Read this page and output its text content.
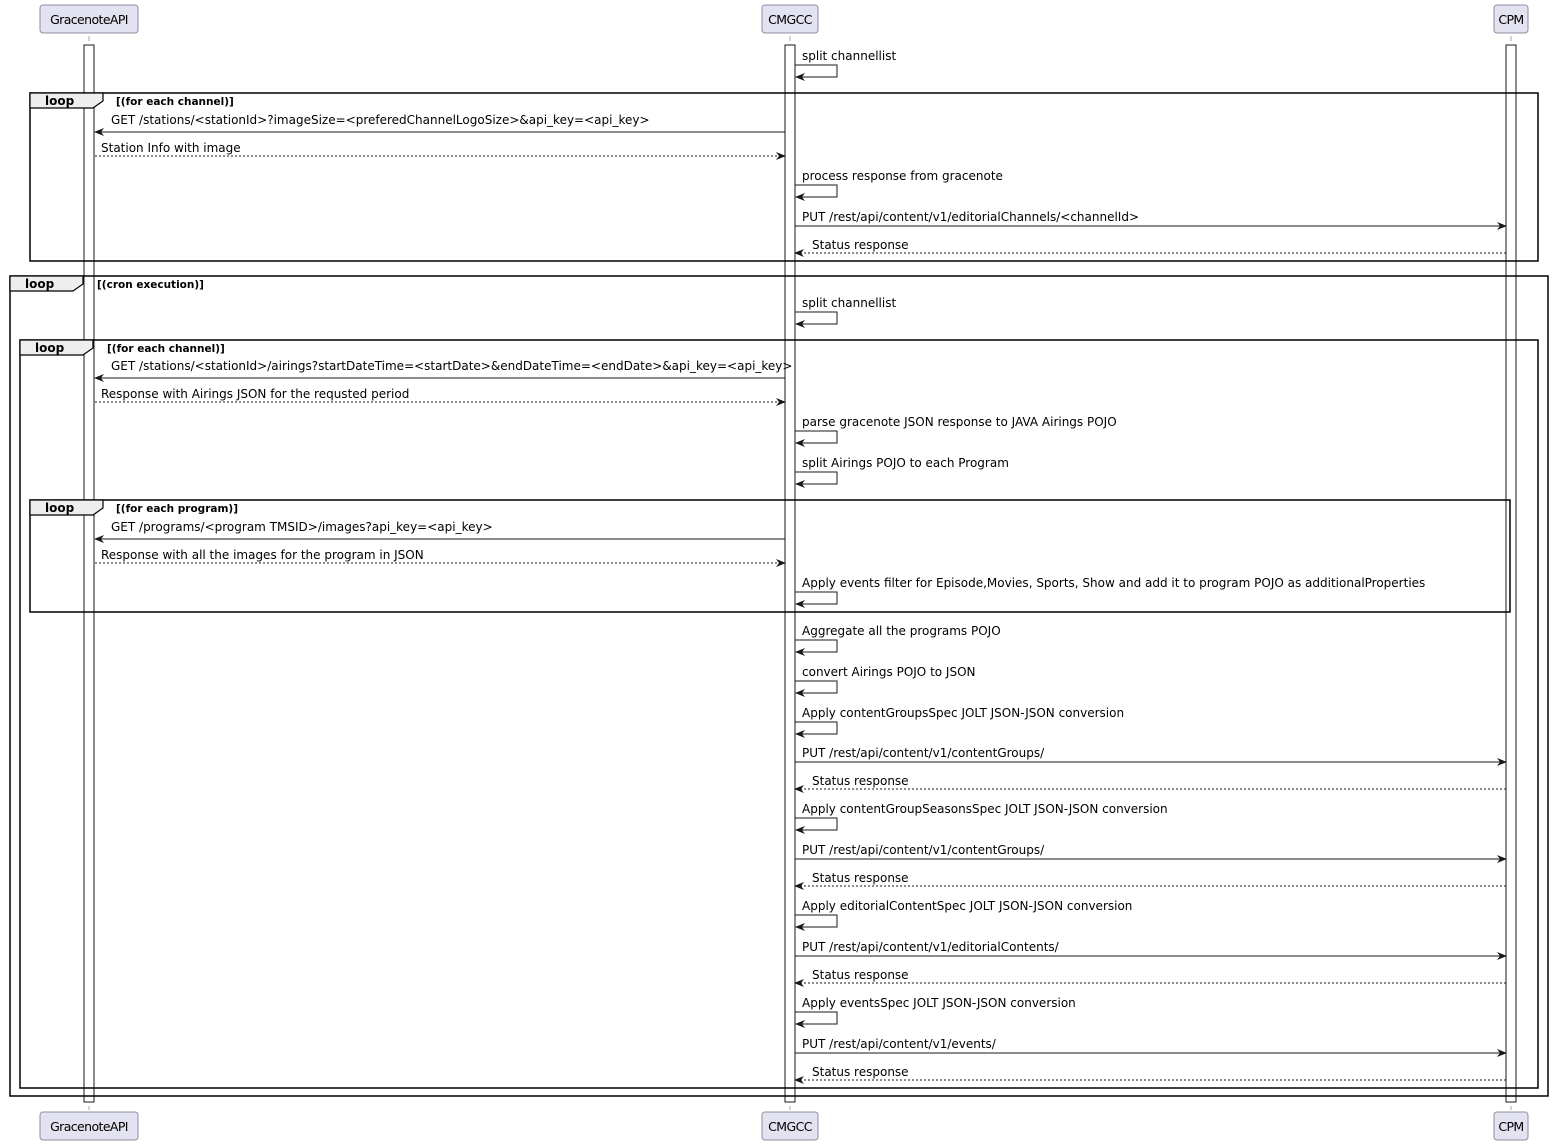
loop	[(for each channel)]
loop	[(cron execution)]
loop	[(for each channel)]
loop	[(for each program)]
split channellist
GET /stations/<stationId>?imageSize=<preferedChannelLogoSize>&api_key=<api_key>
Station Info with image
process response from gracenote
PUT /rest/api/content/v1/editorialChannels/<channelId>
Status response
split channellist
GET /stations/<stationId>/airings?startDateTime=<startDate>&endDateTime=<endDate>&api_key=<api_key>
Response with Airings JSON for the requsted period
parse gracenote JSON response to JAVA Airings POJO
split Airings POJO to each Program
GET /programs/<program TMSID>/images?api_key=<api_key>
Response with all the images for the program in JSON
Apply events filter for Episode,Movies, Sports, Show and add it to program POJO as additionalProperties
Aggregate all the programs POJO
convert Airings POJO to JSON
Apply contentGroupsSpec JOLT JSON-JSON conversion
PUT /rest/api/content/v1/contentGroups/
Status response
Apply contentGroupSeasonsSpec JOLT JSON-JSON conversion
PUT /rest/api/content/v1/contentGroups/
Status response
Apply editorialContentSpec JOLT JSON-JSON conversion
PUT /rest/api/content/v1/editorialContents/
Status response
Apply eventsSpec JOLT JSON-JSON conversion
PUT /rest/api/content/v1/events/
Status response
GracenoteAPI	CMGCC	CPM
GracenoteAPI	CMGCC	CPM
